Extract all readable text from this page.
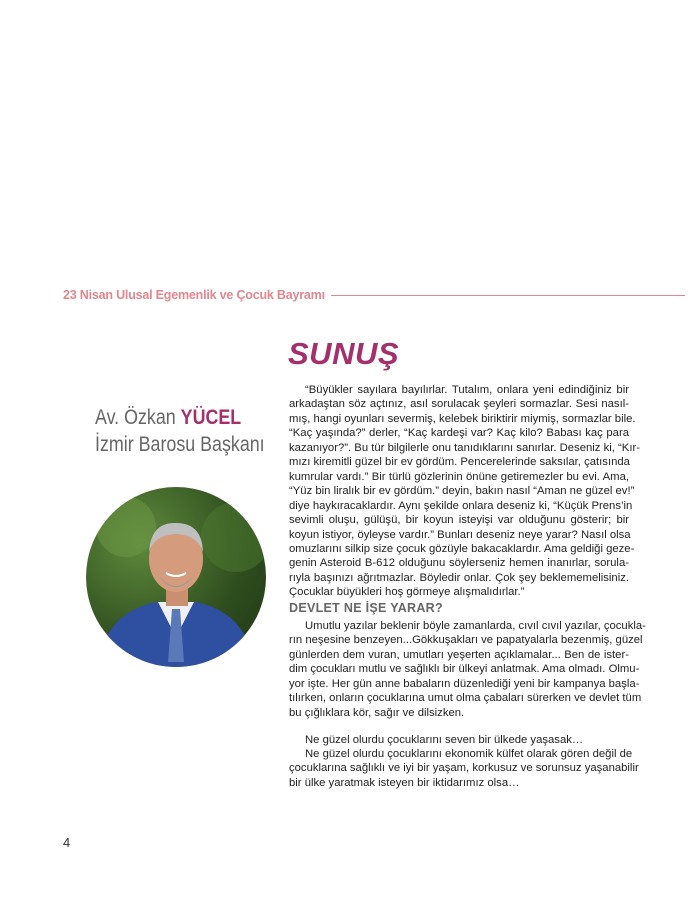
23 Nisan Ulusal Egemenlik ve Çocuk Bayramı
SUNUŞ
Av. Özkan YÜCEL
İzmir Barosu Başkanı
“Büyükler sayılara bayılırlar. Tutalım, onlara yeni edindiğiniz bir
arkadaştan söz açtınız, asıl sorulacak şeyleri sormazlar. Sesi nasıl-
mış, hangi oyunları severmiş, kelebek biriktirir miymiş, sormazlar bile.
“Kaç yaşında?” derler, “Kaç kardeşi var? Kaç kilo? Babası kaç para
kazanıyor?”. Bu tür bilgilerle onu tanıdıklarını sanırlar. Deseniz ki, “Kır-
mızı kiremitli güzel bir ev gördüm. Pencerelerinde saksılar, çatısında
kumrular vardı.” Bir türlü gözlerinin önüne getiremezler bu evi. Ama,
“Yüz bin liralık bir ev gördüm.” deyin, bakın nasıl “Aman ne güzel ev!”
diye haykıracaklardır. Aynı şekilde onlara deseniz ki, “Küçük Prens’in
sevimli oluşu, gülüşü, bir koyun isteyişi var olduğunu gösterir; bir
koyun istiyor, öyleyse vardır.” Bunları deseniz neye yarar? Nasıl olsa
omuzlarını silkip size çocuk gözüyle bakacaklardır. Ama geldiği geze-
genin Asteroid B-612 olduğunu söylerseniz hemen inanırlar, sorula-
rıyla başınızı ağrıtmazlar. Böyledir onlar. Çok şey beklememelisiniz.
Çocuklar büyükleri hoş görmeye alışmalıdırlar.”
DEVLET NE İŞE YARAR?
Umutlu yazılar beklenir böyle zamanlarda, cıvıl cıvıl yazılar, çocukla-
rın neşesine benzeyen...Gökkuşakları ve papatyalarla bezenmiş, güzel
günlerden dem vuran, umutları yeşerten açıklamalar... Ben de ister-
dim çocukları mutlu ve sağlıklı bir ülkeyi anlatmak. Ama olmadı. Olmu-
yor işte. Her gün anne babaların düzenlediği yeni bir kampanya başla-
tılırken, onların çocuklarına umut olma çabaları sürerken ve devlet tüm
bu çığlıklara kör, sağır ve dilsizken.
Ne güzel olurdu çocuklarını seven bir ülkede yaşasak…
Ne güzel olurdu çocuklarını ekonomik külfet olarak gören değil de
çocuklarına sağlıklı ve iyi bir yaşam, korkusuz ve sorunsuz yaşanabilir
bir ülke yaratmak isteyen bir iktidarımız olsa…
4
